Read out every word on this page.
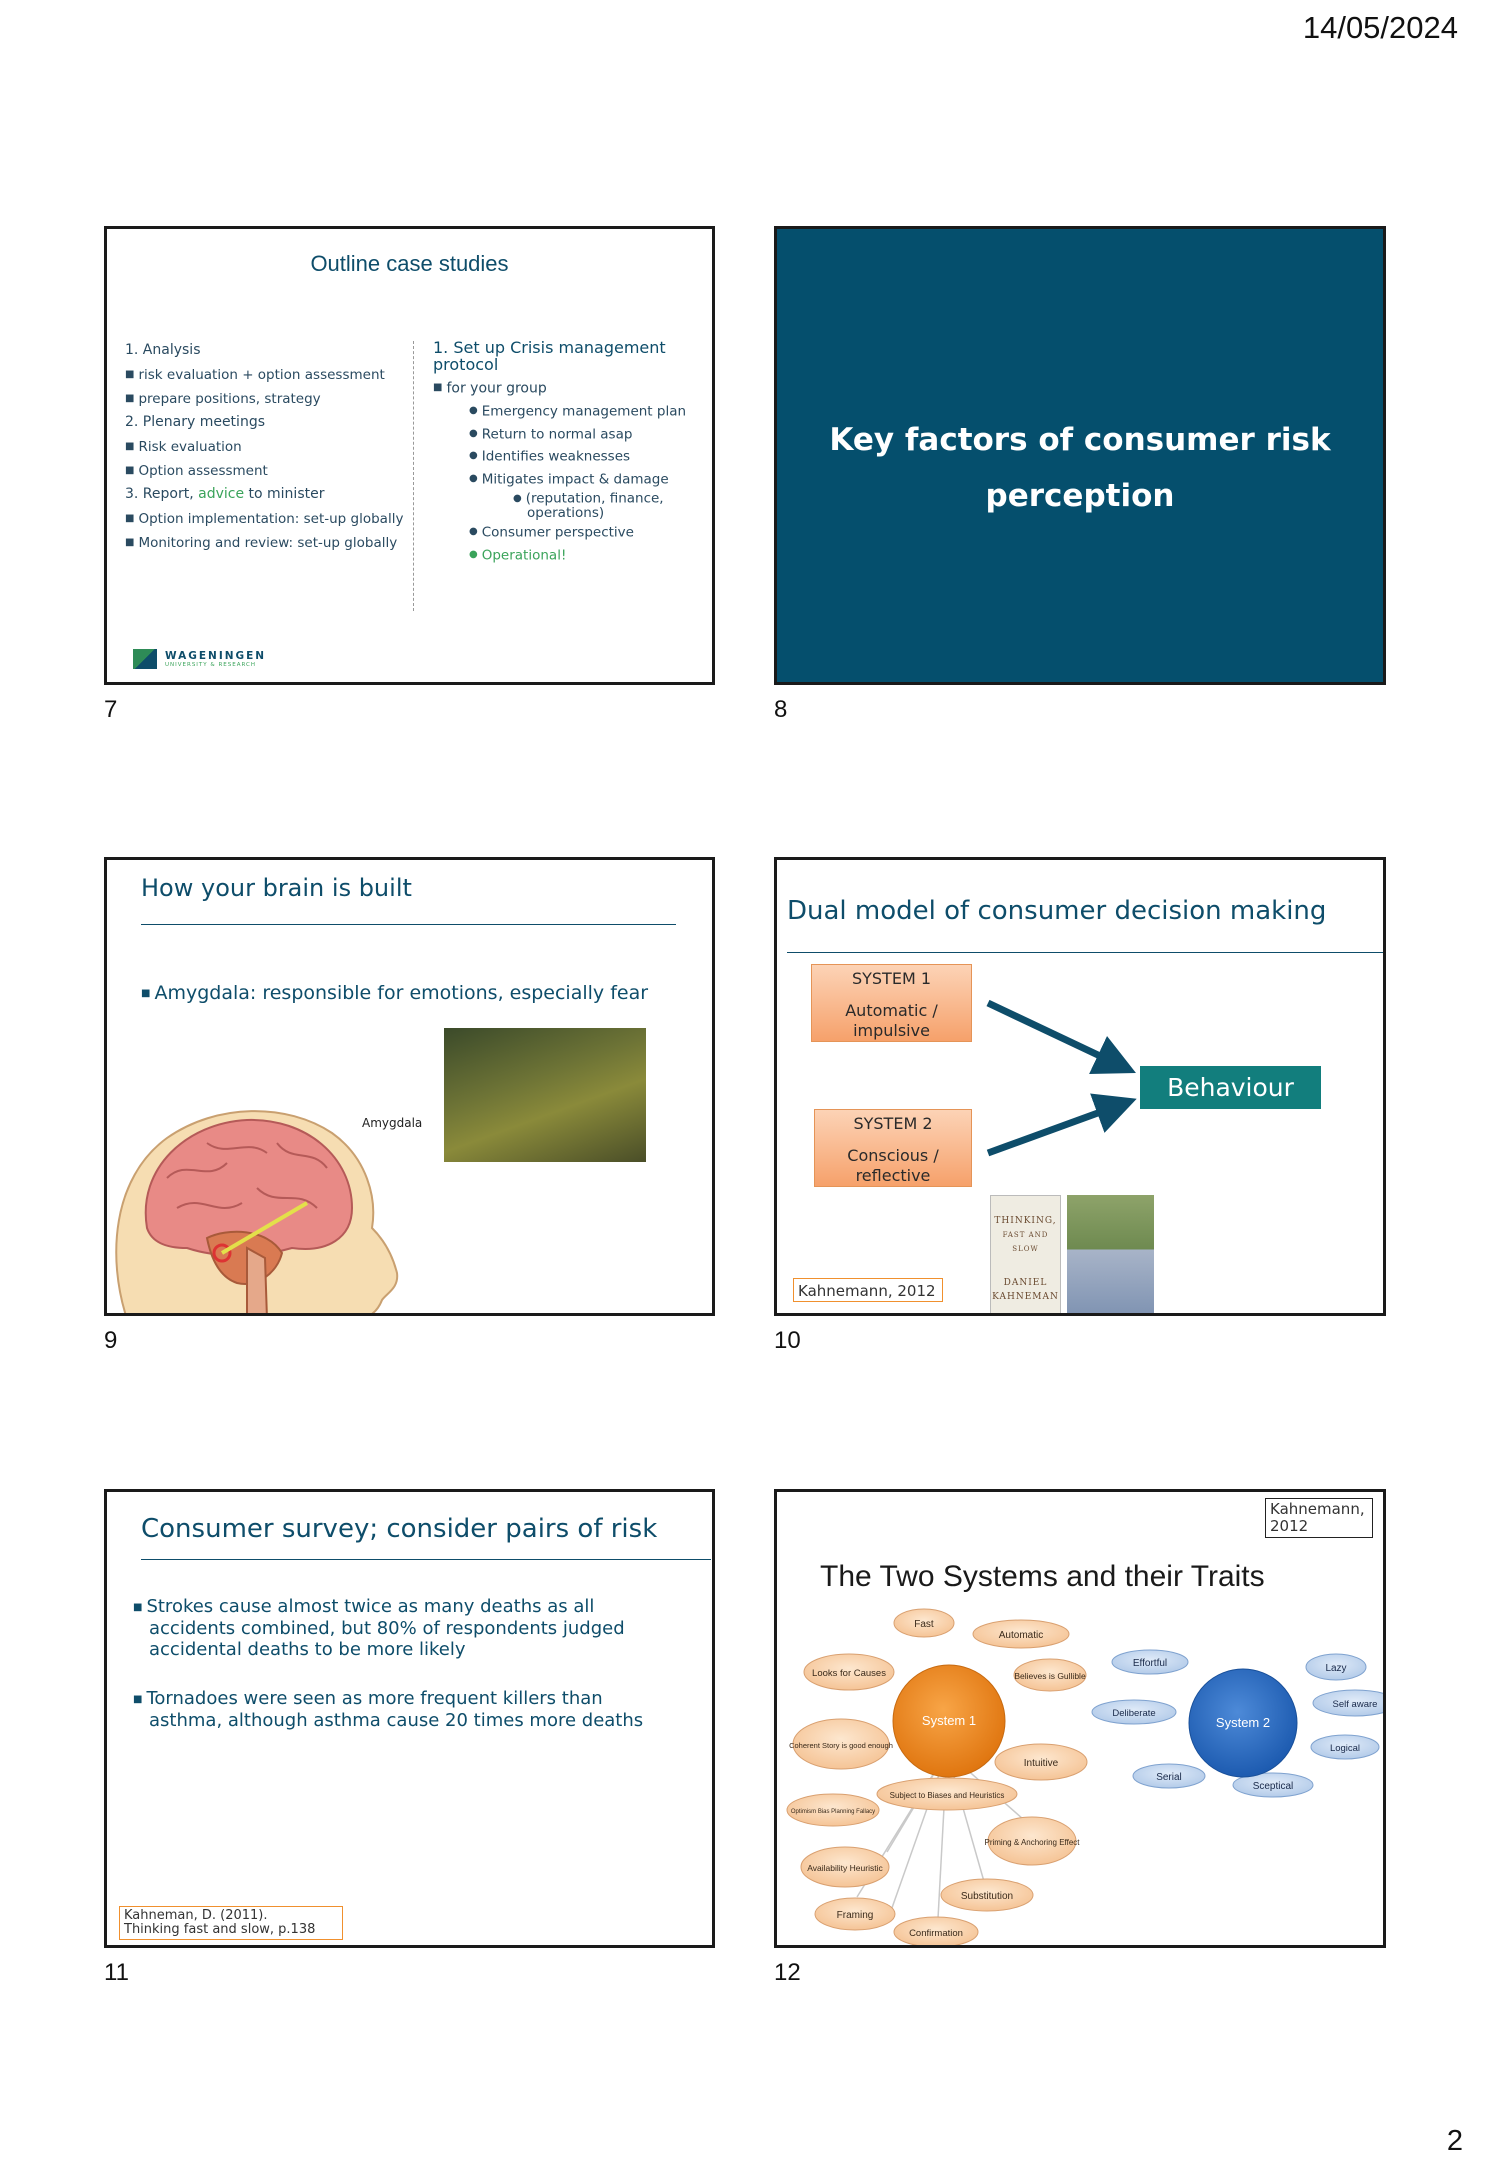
14/05/2024
Outline case studies
1. Analysis
■ risk evaluation + option assessment
■ prepare positions, strategy
2. Plenary meetings
■ Risk evaluation
■ Option assessment
3. Report, advice to minister
■ Option implementation: set-up globally
■ Monitoring and review: set-up globally
1. Set up Crisis management protocol
■ for your group
● Emergency management plan
● Return to normal asap
● Identifies weaknesses
● Mitigates impact & damage
● (reputation, finance, operations)
● Consumer perspective
● Operational!
WAGENINGEN
UNIVERSITY & RESEARCH
7
Key factors of consumer risk perception
8
How your brain is built
■ Amygdala: responsible for emotions, especially fear
Amygdala
9
Dual model of consumer decision making
SYSTEM 1
Automatic / impulsive
SYSTEM 2
Conscious / reflective
Behaviour
Kahnemann, 2012
THINKING,
FAST AND SLOW
DANIEL
KAHNEMAN
10
Consumer survey; consider pairs of risk
■ Strokes cause almost twice as many deaths as all accidents combined, but 80% of respondents judged accidental deaths to be more likely
■ Tornadoes were seen as more frequent killers than asthma, although asthma cause 20 times more deaths
Kahneman, D. (2011).
Thinking fast and slow, p.138
11
Kahnemann,
2012
The Two Systems and their Traits
Fast
Automatic
Looks for Causes	Believes is Gullible
Coherent Story is good enough
Intuitive
Subject to Biases and Heuristics
Optimism Bias Planning Fallacy
Priming & Anchoring Effect
Availability Heuristic
Substitution
Framing
Confirmation
System 1
Effortful	Lazy
Deliberate
Self aware
Logical
Serial
Sceptical
System 2
12
2
